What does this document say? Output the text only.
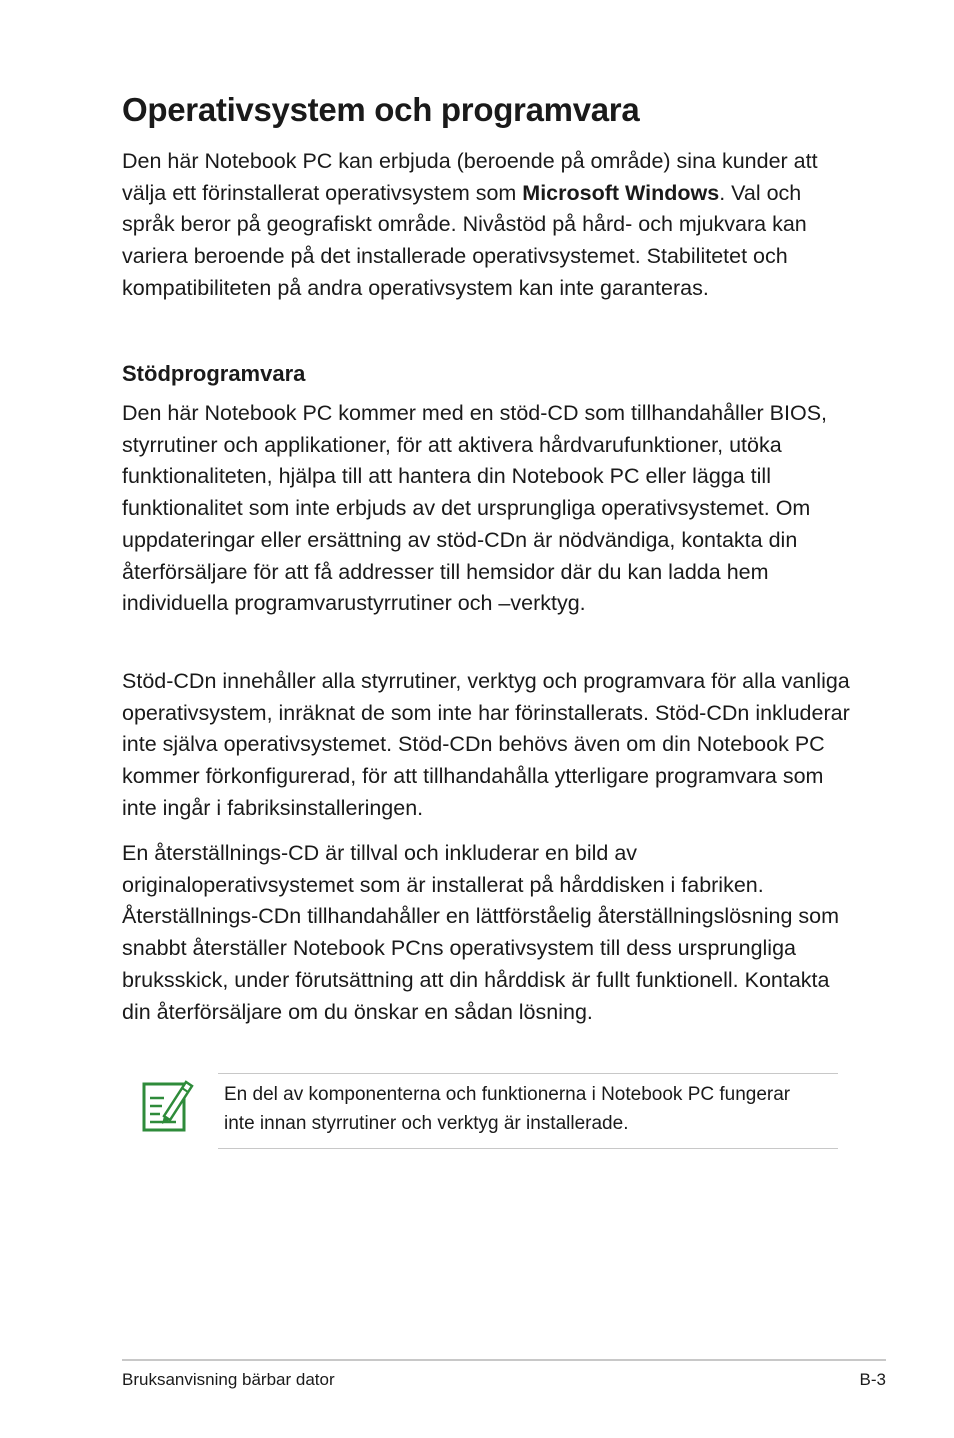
Operativsystem och programvara

Den här Notebook PC kan erbjuda (beroende på område) sina kunder att välja ett förinstallerat operativsystem som Microsoft Windows. Val och språk beror på geografiskt område. Nivåstöd på hård- och mjukvara kan variera beroende på det installerade operativsystemet. Stabilitetet och kompatibiliteten på andra operativsystem kan inte garanteras.

Stödprogramvara

Den här Notebook PC kommer med en stöd-CD som tillhandahåller BIOS, styrrutiner och applikationer, för att aktivera hårdvarufunktioner, utöka funktionaliteten, hjälpa till att hantera din Notebook PC eller lägga till funktionalitet som inte erbjuds av det ursprungliga operativsystemet. Om uppdateringar eller ersättning av stöd-CDn är nödvändiga, kontakta din återförsäljare för att få addresser till hemsidor där du kan ladda hem individuella programvarustyrrutiner och –verktyg.

Stöd-CDn innehåller alla styrrutiner, verktyg och programvara för alla vanliga operativsystem, inräknat de som inte har förinstallerats. Stöd-CDn inkluderar inte själva operativsystemet. Stöd-CDn behövs även om din Notebook PC kommer förkonfigurerad, för att tillhandahålla ytterligare programvara som inte ingår i fabriksinstalleringen.

En återställnings-CD är tillval och inkluderar en bild av originaloperativsystemet som är installerat på hårddisken i fabriken. Återställnings-CDn tillhandahåller en lättförståelig återställningslösning som snabbt återställer Notebook PCns operativsystem till dess ursprungliga bruksskick, under förutsättning att din hårddisk är fullt funktionell. Kontakta din återförsäljare om du önskar en sådan lösning.

En del av komponenterna och funktionerna i Notebook PC fungerar inte innan styrrutiner och verktyg är installerade.

Bruksanvisning bärbar dator	B-3
